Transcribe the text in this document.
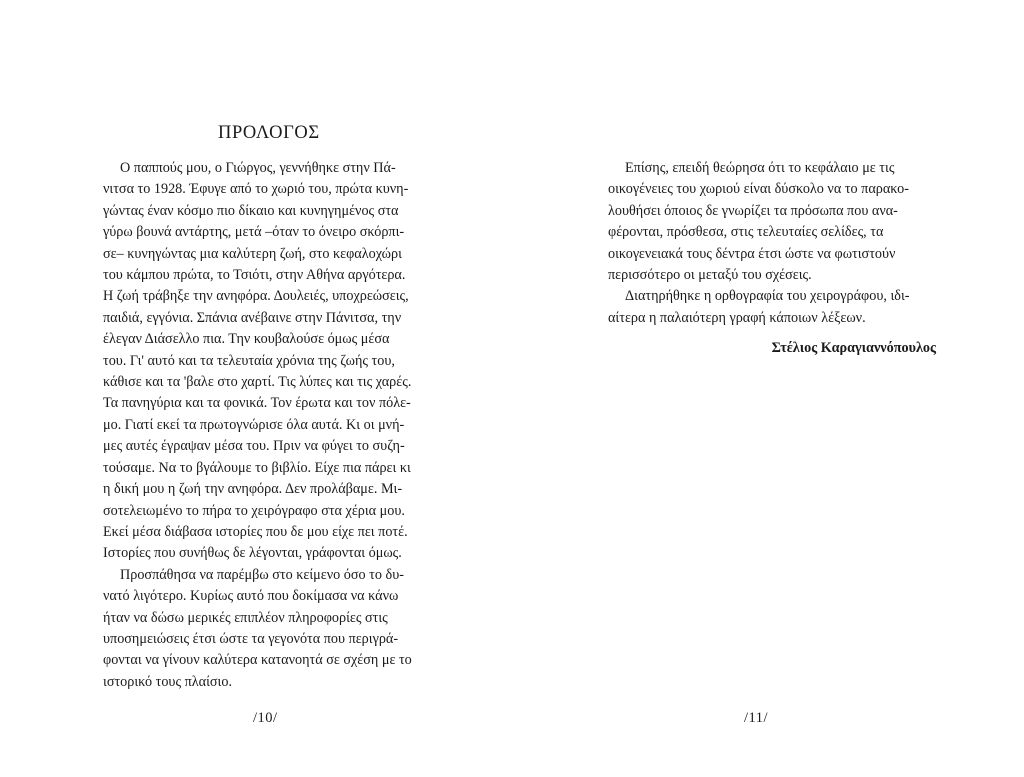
ΠΡΟΛΟΓΟΣ

Ο παππούς μου, ο Γιώργος, γεννήθηκε στην Πά-
νιτσα το 1928. Έφυγε από το χωριό του, πρώτα κυνη-
γώντας έναν κόσμο πιο δίκαιο και κυνηγημένος στα
γύρω βουνά αντάρτης, μετά –όταν το όνειρο σκόρπι-
σε– κυνηγώντας μια καλύτερη ζωή, στο κεφαλοχώρι
του κάμπου πρώτα, το Τσιότι, στην Αθήνα αργότερα.
Η ζωή τράβηξε την ανηφόρα. Δουλειές, υποχρεώσεις,
παιδιά, εγγόνια. Σπάνια ανέβαινε στην Πάνιτσα, την
έλεγαν Διάσελλο πια. Την κουβαλούσε όμως μέσα
του. Γι' αυτό και τα τελευταία χρόνια της ζωής του,
κάθισε και τα 'βαλε στο χαρτί. Τις λύπες και τις χαρές.
Τα πανηγύρια και τα φονικά. Τον έρωτα και τον πόλε-
μο. Γιατί εκεί τα πρωτογνώρισε όλα αυτά. Κι οι μνή-
μες αυτές έγραψαν μέσα του. Πριν να φύγει το συζη-
τούσαμε. Να το βγάλουμε το βιβλίο. Είχε πια πάρει κι
η δική μου η ζωή την ανηφόρα. Δεν προλάβαμε. Μι-
σοτελειωμένο το πήρα το χειρόγραφο στα χέρια μου.
Εκεί μέσα διάβασα ιστορίες που δε μου είχε πει ποτέ.
Ιστορίες που συνήθως δε λέγονται, γράφονται όμως.

Προσπάθησα να παρέμβω στο κείμενο όσο το δυ-
νατό λιγότερο. Κυρίως αυτό που δοκίμασα να κάνω
ήταν να δώσω μερικές επιπλέον πληροφορίες στις
υποσημειώσεις έτσι ώστε τα γεγονότα που περιγρά-
φονται να γίνουν καλύτερα κατανοητά σε σχέση με το
ιστορικό τους πλαίσιο.

/10/

Επίσης, επειδή θεώρησα ότι το κεφάλαιο με τις
οικογένειες του χωριού είναι δύσκολο να το παρακο-
λουθήσει όποιος δε γνωρίζει τα πρόσωπα που ανα-
φέρονται, πρόσθεσα, στις τελευταίες σελίδες, τα
οικογενειακά τους δέντρα έτσι ώστε να φωτιστούν
περισσότερο οι μεταξύ του σχέσεις.

Διατηρήθηκε η ορθογραφία του χειρογράφου, ιδι-
αίτερα η παλαιότερη γραφή κάποιων λέξεων.

Στέλιος Καραγιαννόπουλος
/11/
